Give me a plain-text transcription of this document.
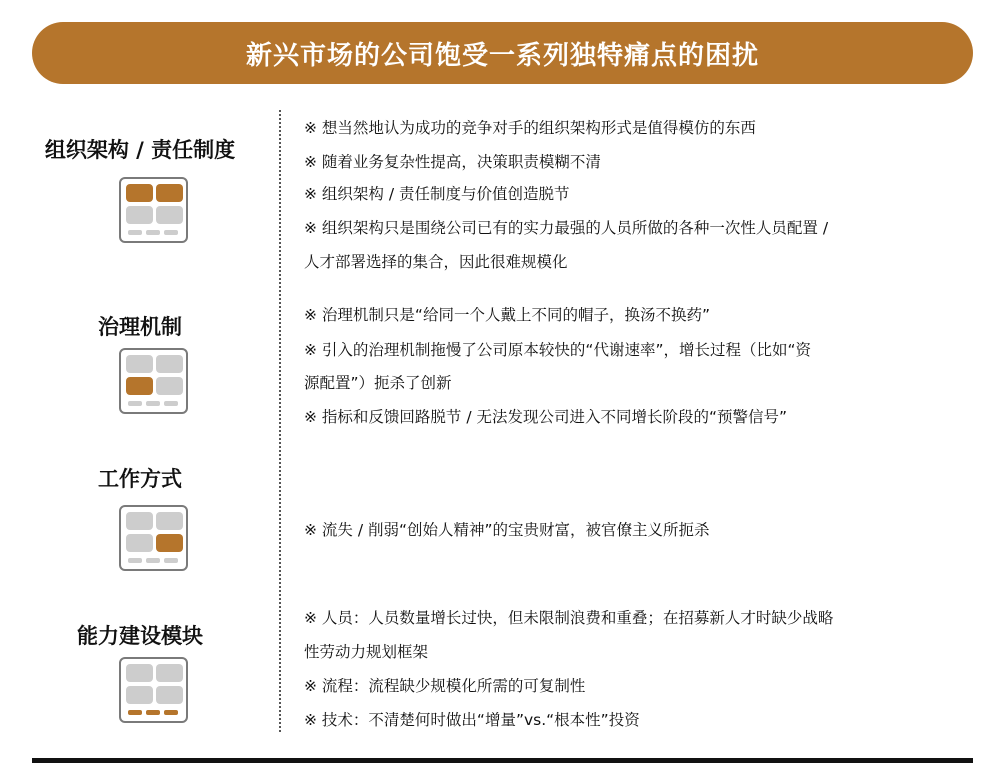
新兴市场的公司饱受一系列独特痛点的困扰
组织架构 / 责任制度
※ 想当然地认为成功的竞争对手的组织架构形式是值得模仿的东西
※ 随着业务复杂性提高，决策职责模糊不清
※ 组织架构 / 责任制度与价值创造脱节
※ 组织架构只是围绕公司已有的实力最强的人员所做的各种一次性人员配置 /
人才部署选择的集合，因此很难规模化
治理机制	※ 治理机制只是“给同一个人戴上不同的帽子，换汤不换药”
※ 引入的治理机制拖慢了公司原本较快的“代谢速率”，增长过程（比如“资
源配置”）扼杀了创新
※ 指标和反馈回路脱节 / 无法发现公司进入不同增长阶段的“预警信号”
工作方式
※ 流失 / 削弱“创始人精神”的宝贵财富，被官僚主义所扼杀
能力建设模块
※ 人员：人员数量增长过快，但未限制浪费和重叠；在招募新人才时缺少战略
性劳动力规划框架
※ 流程：流程缺少规模化所需的可复制性
※ 技术：不清楚何时做出“增量”vs.“根本性”投资
